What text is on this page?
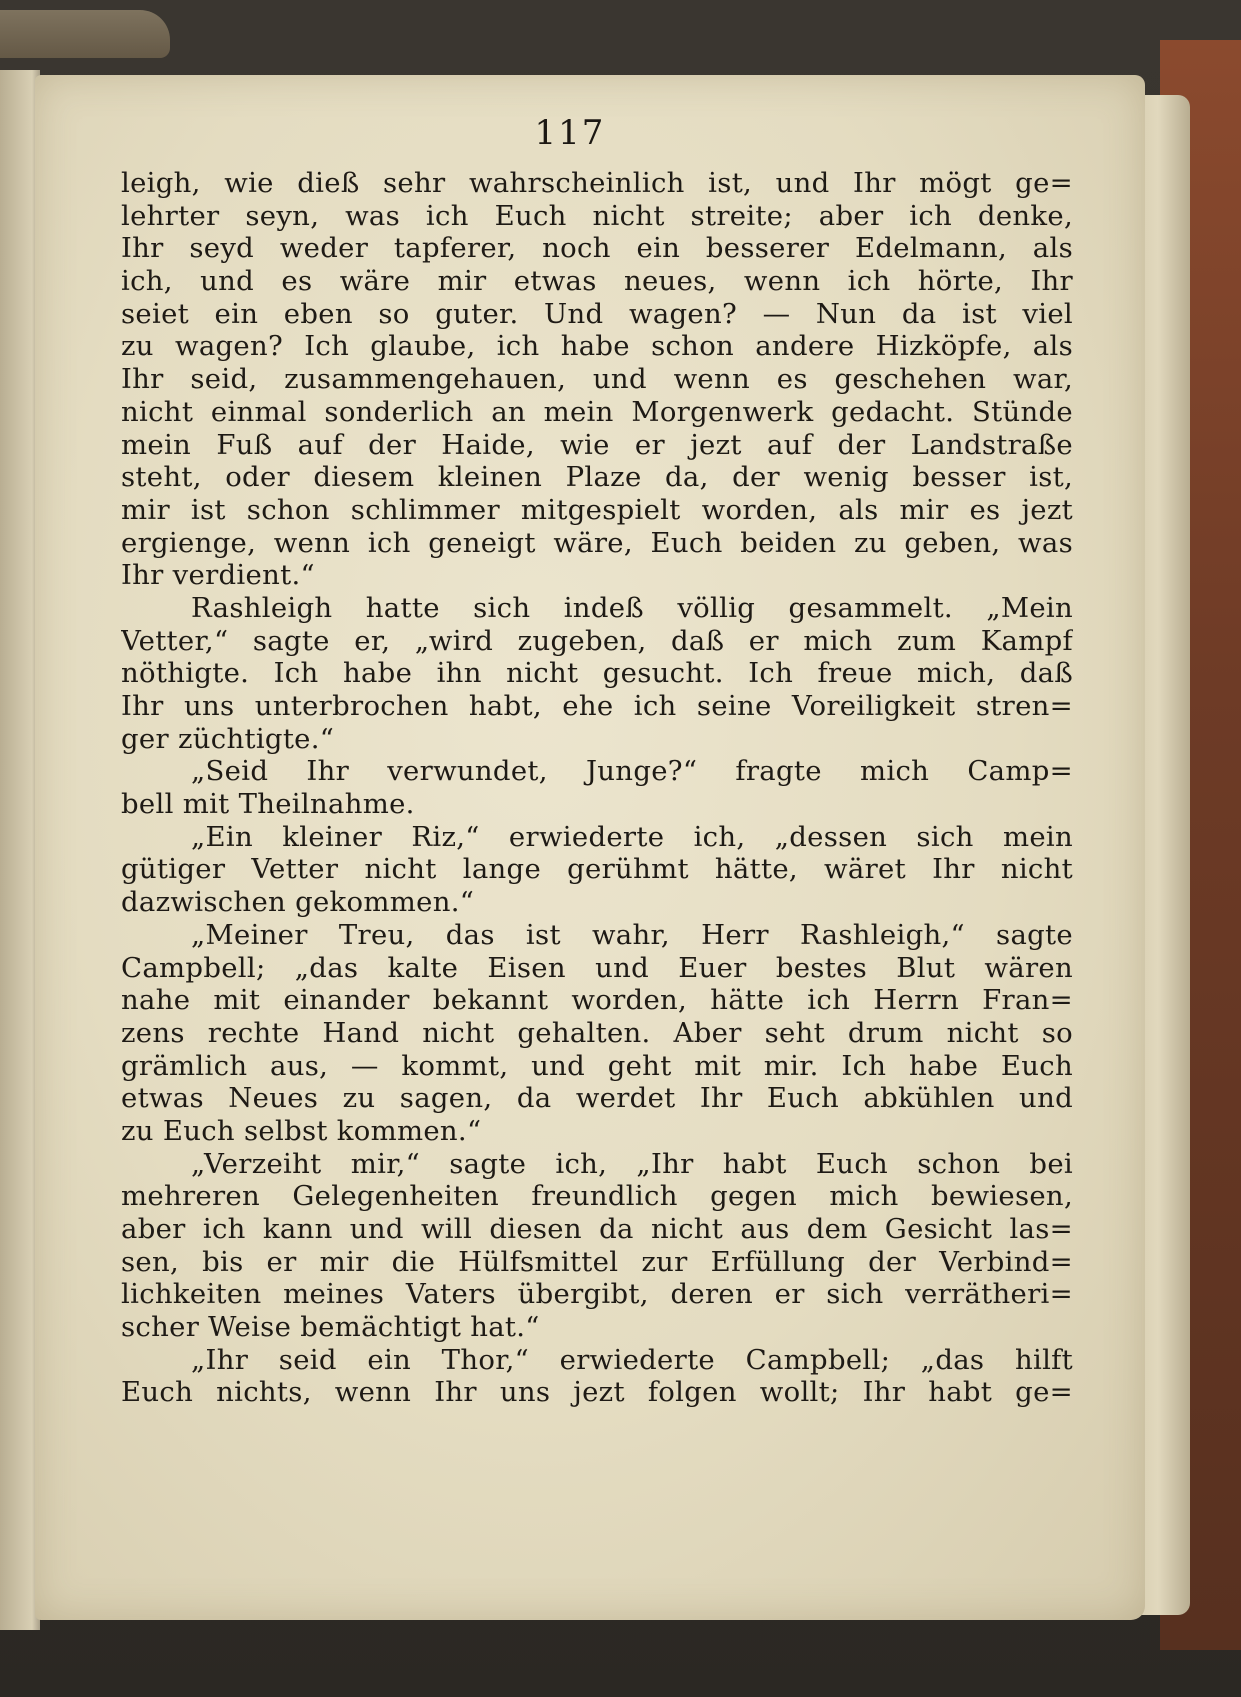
117
leigh, wie dieß sehr wahrscheinlich ist, und Ihr mögt ge=
lehrter seyn, was ich Euch nicht streite; aber ich denke,
Ihr seyd weder tapferer, noch ein besserer Edelmann, als
ich, und es wäre mir etwas neues, wenn ich hörte, Ihr
seiet ein eben so guter. Und wagen? — Nun da ist viel
zu wagen? Ich glaube, ich habe schon andere Hizköpfe, als
Ihr seid, zusammengehauen, und wenn es geschehen war,
nicht einmal sonderlich an mein Morgenwerk gedacht. Stünde
mein Fuß auf der Haide, wie er jezt auf der Landstraße
steht, oder diesem kleinen Plaze da, der wenig besser ist,
mir ist schon schlimmer mitgespielt worden, als mir es jezt
ergienge, wenn ich geneigt wäre, Euch beiden zu geben, was
Ihr verdient.“
Rashleigh hatte sich indeß völlig gesammelt. „Mein
Vetter,“ sagte er, „wird zugeben, daß er mich zum Kampf
nöthigte. Ich habe ihn nicht gesucht. Ich freue mich, daß
Ihr uns unterbrochen habt, ehe ich seine Voreiligkeit stren=
ger züchtigte.“
„Seid Ihr verwundet, Junge?“ fragte mich Camp=
bell mit Theilnahme.
„Ein kleiner Riz,“ erwiederte ich, „dessen sich mein
gütiger Vetter nicht lange gerühmt hätte, wäret Ihr nicht
dazwischen gekommen.“
„Meiner Treu, das ist wahr, Herr Rashleigh,“ sagte
Campbell; „das kalte Eisen und Euer bestes Blut wären
nahe mit einander bekannt worden, hätte ich Herrn Fran=
zens rechte Hand nicht gehalten. Aber seht drum nicht so
grämlich aus, — kommt, und geht mit mir. Ich habe Euch
etwas Neues zu sagen, da werdet Ihr Euch abkühlen und
zu Euch selbst kommen.“
„Verzeiht mir,“ sagte ich, „Ihr habt Euch schon bei
mehreren Gelegenheiten freundlich gegen mich bewiesen,
aber ich kann und will diesen da nicht aus dem Gesicht las=
sen, bis er mir die Hülfsmittel zur Erfüllung der Verbind=
lichkeiten meines Vaters übergibt, deren er sich verrätheri=
scher Weise bemächtigt hat.“
„Ihr seid ein Thor,“ erwiederte Campbell; „das hilft
Euch nichts, wenn Ihr uns jezt folgen wollt; Ihr habt ge=
